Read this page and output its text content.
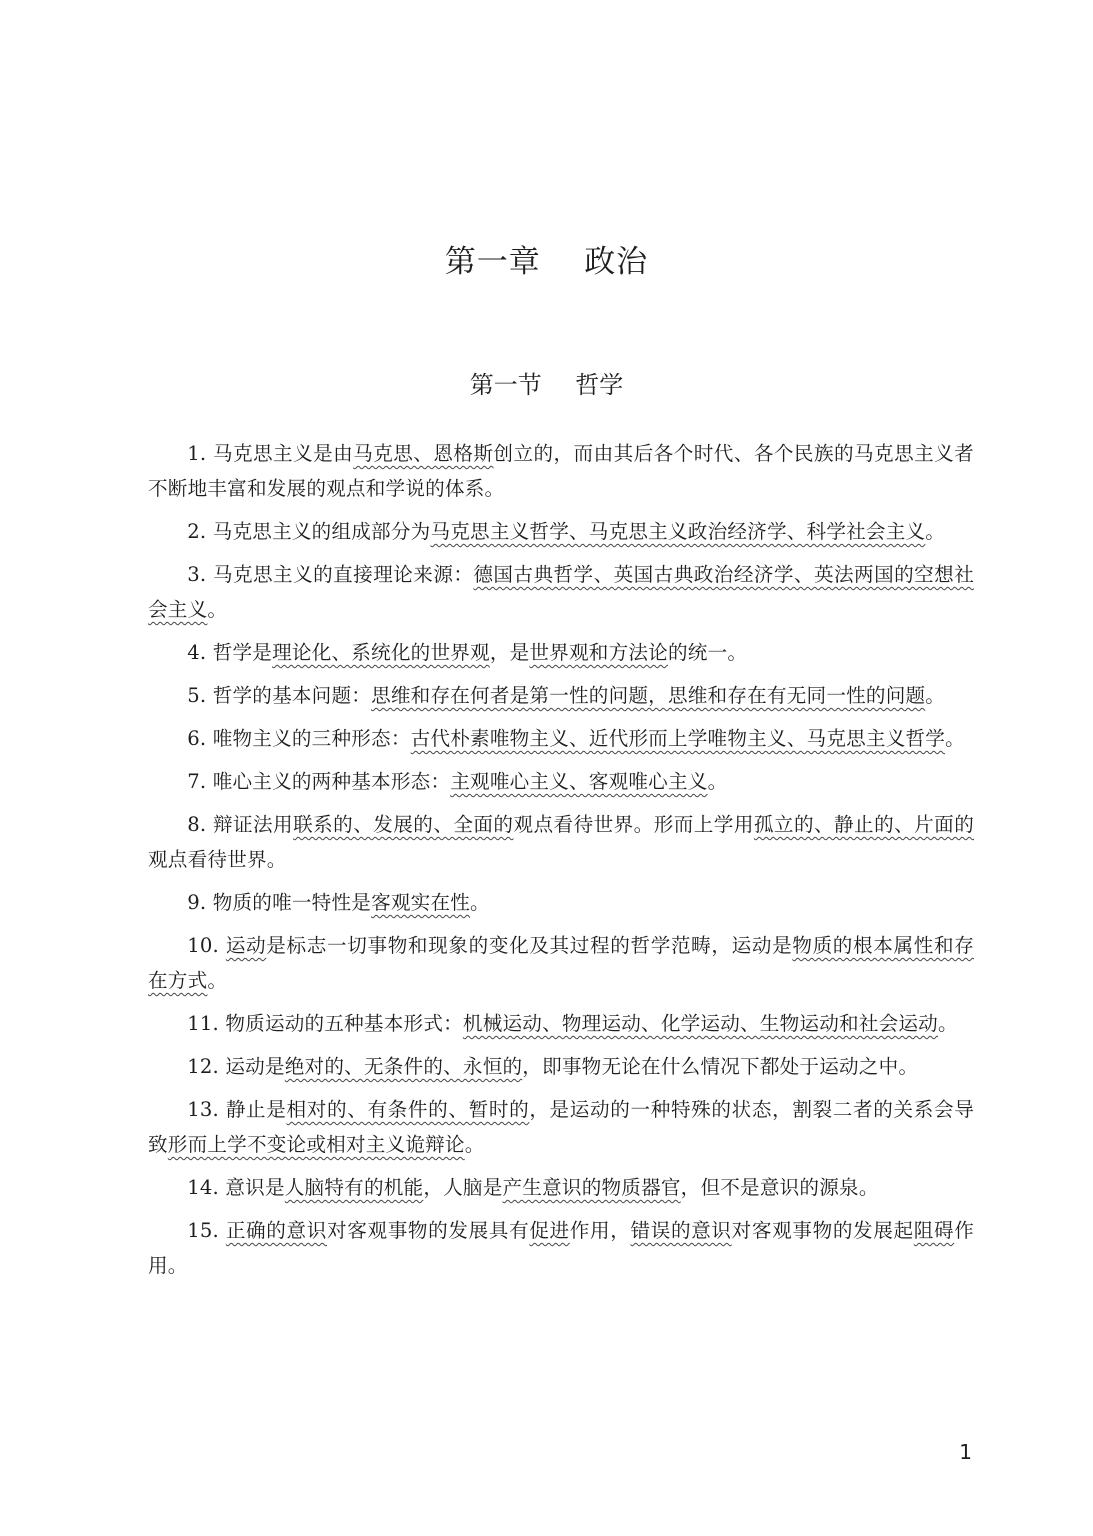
第一章 政治
第一节 哲学

1. 马克思主义是由马克思、恩格斯创立的，而由其后各个时代、各个民族的马克思主义者不断地丰富和发展的观点和学说的体系。

2. 马克思主义的组成部分为马克思主义哲学、马克思主义政治经济学、科学社会主义。

3. 马克思主义的直接理论来源：德国古典哲学、英国古典政治经济学、英法两国的空想社会主义。

4. 哲学是理论化、系统化的世界观，是世界观和方法论的统一。

5. 哲学的基本问题：思维和存在何者是第一性的问题，思维和存在有无同一性的问题。

6. 唯物主义的三种形态：古代朴素唯物主义、近代形而上学唯物主义、马克思主义哲学。

7. 唯心主义的两种基本形态：主观唯心主义、客观唯心主义。

8. 辩证法用联系的、发展的、全面的观点看待世界。形而上学用孤立的、静止的、片面的观点看待世界。

9. 物质的唯一特性是客观实在性。

10. 运动是标志一切事物和现象的变化及其过程的哲学范畴，运动是物质的根本属性和存在方式。

11. 物质运动的五种基本形式：机械运动、物理运动、化学运动、生物运动和社会运动。

12. 运动是绝对的、无条件的、永恒的，即事物无论在什么情况下都处于运动之中。

13. 静止是相对的、有条件的、暂时的，是运动的一种特殊的状态，割裂二者的关系会导致形而上学不变论或相对主义诡辩论。

14. 意识是人脑特有的机能，人脑是产生意识的物质器官，但不是意识的源泉。

15. 正确的意识对客观事物的发展具有促进作用，错误的意识对客观事物的发展起阻碍作用。

1
